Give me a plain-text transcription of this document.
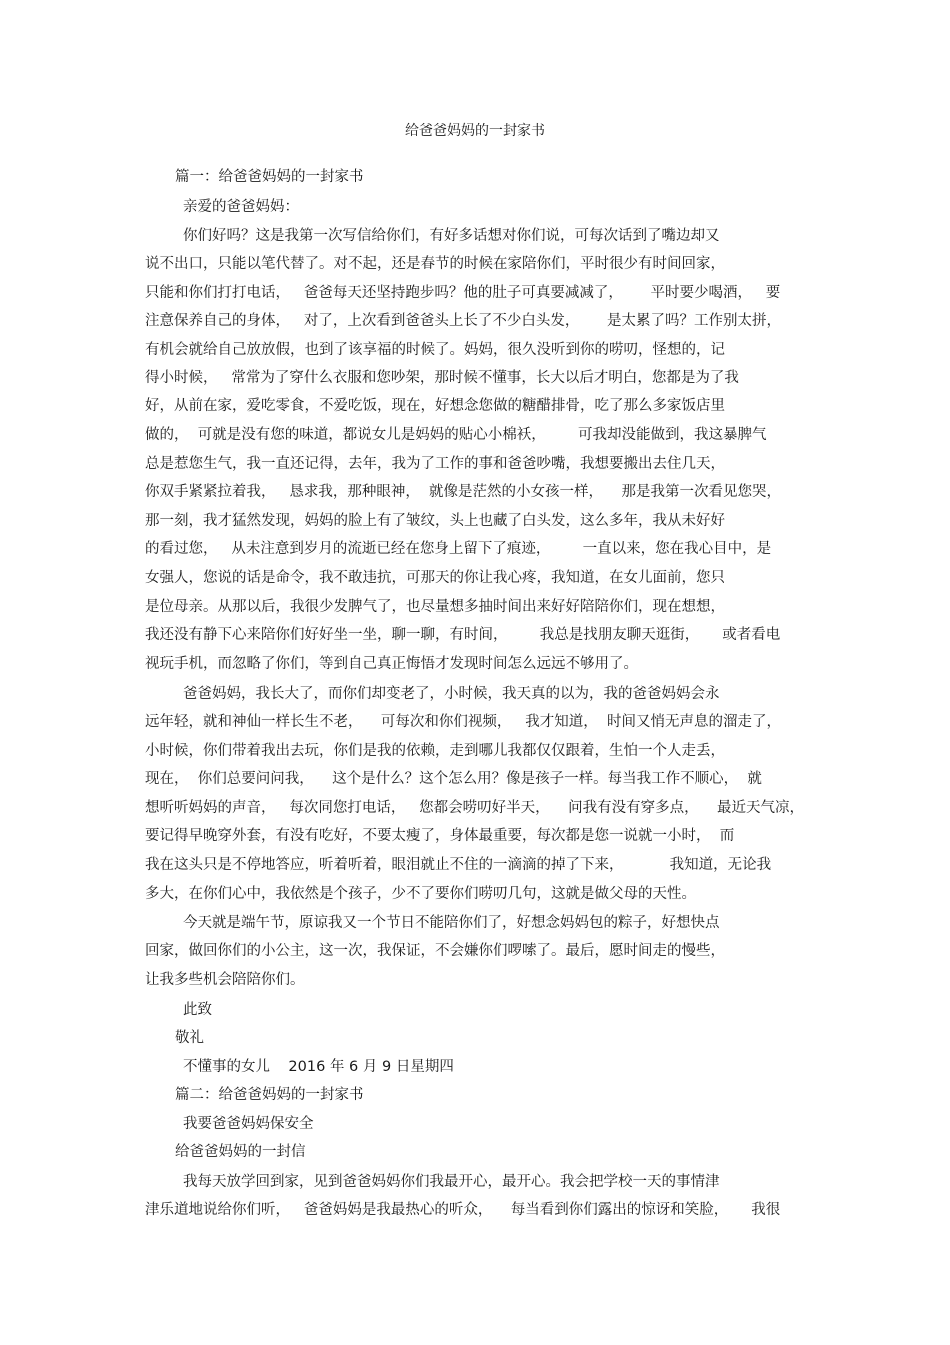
给爸爸妈妈的一封家书

篇一：给爸爸妈妈的一封家书

亲爱的爸爸妈妈：

你们好吗？这是我第一次写信给你们，有好多话想对你们说，可每次话到了嘴边却又

说不出口，只能以笔代替了。对不起，还是春节的时候在家陪你们，平时很少有时间回家，

只能和你们打打电话，   爸爸每天还坚持跑步吗？他的肚子可真要减减了，      平时要少喝酒，   要

注意保养自己的身体，   对了，上次看到爸爸头上长了不少白头发，      是太累了吗？工作别太拼，

有机会就给自己放放假，也到了该享福的时候了。妈妈，很久没听到你的唠叨，怪想的，记

得小时候，   常常为了穿什么衣服和您吵架，那时候不懂事，长大以后才明白，您都是为了我

好，从前在家，爱吃零食，不爱吃饭，现在，好想念您做的糖醋排骨，吃了那么多家饭店里

做的，  可就是没有您的味道，都说女儿是妈妈的贴心小棉袄，       可我却没能做到，我这暴脾气

总是惹您生气，我一直还记得，去年，我为了工作的事和爸爸吵嘴，我想要搬出去住几天，

你双手紧紧拉着我，   恳求我，那种眼神，  就像是茫然的小女孩一样，    那是我第一次看见您哭，

那一刻，我才猛然发现，妈妈的脸上有了皱纹，头上也藏了白头发，这么多年，我从未好好

的看过您，   从未注意到岁月的流逝已经在您身上留下了痕迹，       一直以来，您在我心目中，是

女强人，您说的话是命令，我不敢违抗，可那天的你让我心疼，我知道，在女儿面前，您只

是位母亲。从那以后，我很少发脾气了，也尽量想多抽时间出来好好陪陪你们，现在想想，

我还没有静下心来陪你们好好坐一坐，聊一聊，有时间，       我总是找朋友聊天逛街，     或者看电

视玩手机，而忽略了你们，等到自己真正悔悟才发现时间怎么远远不够用了。

爸爸妈妈，我长大了，而你们却变老了，小时候，我天真的以为，我的爸爸妈妈会永

远年轻，就和神仙一样长生不老，    可每次和你们视频，   我才知道，  时间又悄无声息的溜走了，

小时候，你们带着我出去玩，你们是我的依赖，走到哪儿我都仅仅跟着，生怕一个人走丢，

现在，  你们总要问问我，    这个是什么？这个怎么用？像是孩子一样。每当我工作不顺心，  就

想听听妈妈的声音，   每次同您打电话，   您都会唠叨好半天，    问我有没有穿多点，    最近天气凉，

要记得早晚穿外套，有没有吃好，不要太瘦了，身体最重要，每次都是您一说就一小时，  而

我在这头只是不停地答应，听着听着，眼泪就止不住的一滴滴的掉了下来，          我知道，无论我

多大，在你们心中，我依然是个孩子，少不了要你们唠叨几句，这就是做父母的天性。

今天就是端午节，原谅我又一个节日不能陪你们了，好想念妈妈包的粽子，好想快点

回家，做回你们的小公主，这一次，我保证，不会嫌你们啰嗦了。最后，愿时间走的慢些，

让我多些机会陪陪你们。

此致

敬礼

不懂事的女儿    2016 年 6 月 9 日星期四

篇二：给爸爸妈妈的一封家书

我要爸爸妈妈保安全

给爸爸妈妈的一封信

我每天放学回到家，见到爸爸妈妈你们我最开心，最开心。我会把学校一天的事情津

津乐道地说给你们听，   爸爸妈妈是我最热心的听众，    每当看到你们露出的惊讶和笑脸，     我很
